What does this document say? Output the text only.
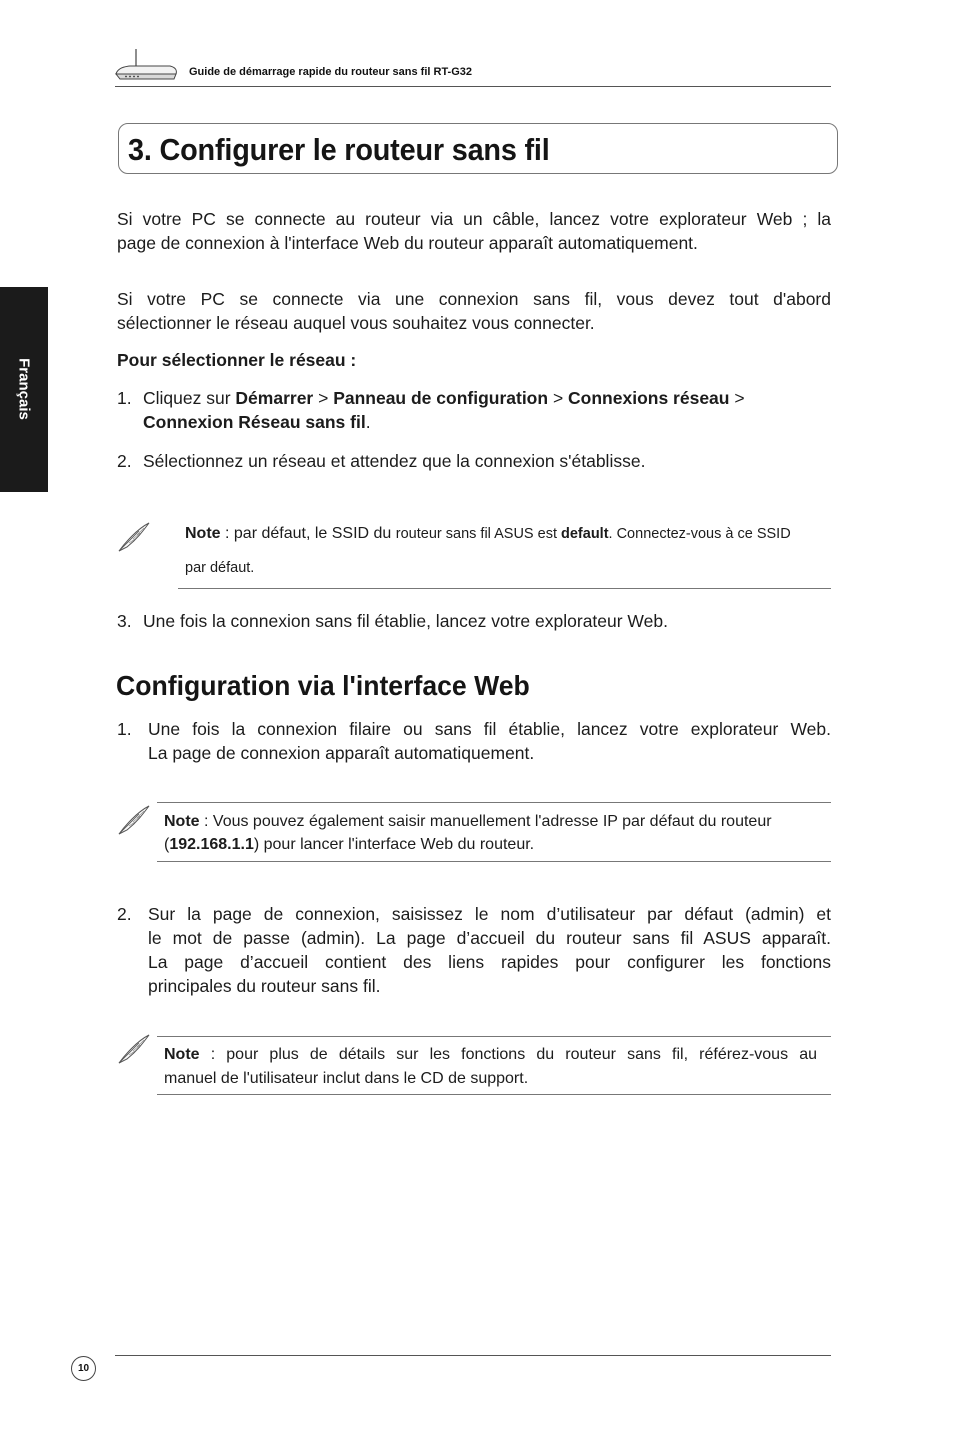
Guide de démarrage rapide du routeur sans fil RT-G32
3. Configurer le routeur sans fil
Français
Si votre PC se connecte au routeur via un câble, lancez votre explorateur Web ; la
page de connexion à l'interface Web du routeur apparaît automatiquement.
Si votre PC se connecte via une connexion sans fil, vous devez tout d'abord
sélectionner le réseau auquel vous souhaitez vous connecter.
Pour sélectionner le réseau :
1. Cliquez sur Démarrer > Panneau de configuration > Connexions réseau >
Connexion Réseau sans fil.
2. Sélectionnez un réseau et attendez que la connexion s'établisse.
Note : par défaut, le SSID du routeur sans fil ASUS est default. Connectez-vous à ce SSID
par défaut.
3. Une fois la connexion sans fil établie, lancez votre explorateur Web.
Configuration via l'interface Web
1. Une fois la connexion filaire ou sans fil établie, lancez votre explorateur Web.
La page de connexion apparaît automatiquement.
Note : Vous pouvez également saisir manuellement l'adresse IP par défaut du routeur
(192.168.1.1) pour lancer l'interface Web du routeur.
2. Sur la page de connexion, saisissez le nom d’utilisateur par défaut (admin) et
le mot de passe (admin). La page d’accueil du routeur sans fil ASUS apparaît.
La page d’accueil contient des liens rapides pour configurer les fonctions
principales du routeur sans fil.
Note : pour plus de détails sur les fonctions du routeur sans fil, référez-vous au
manuel de l'utilisateur inclut dans le CD de support.
10
